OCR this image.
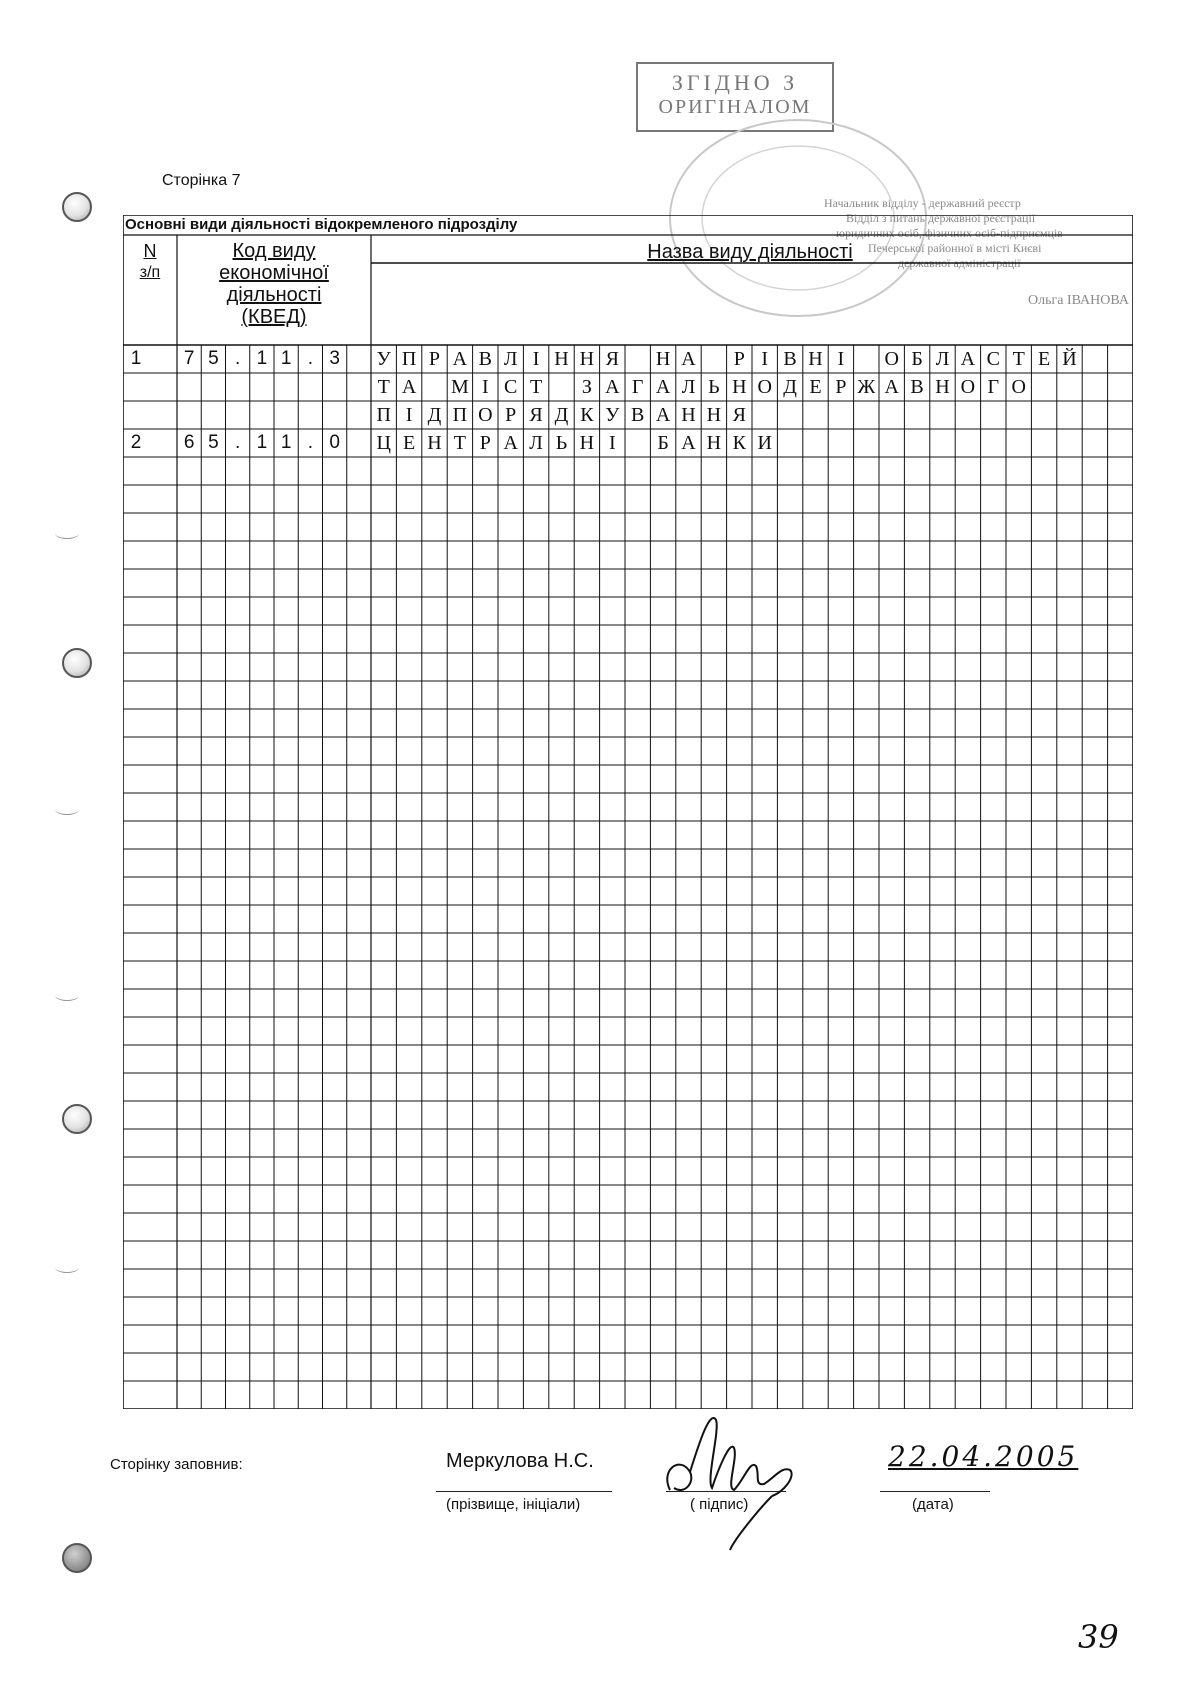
ЗГІДНО З
ОРИГІНАЛОМ
Начальник відділу - державний реєстр
Відділ з питань державної реєстрації
юридичних осіб, фізичних осіб-підприємців
Печерської районної в місті Києві
державної адміністрації
Ольга ІВАНОВА
Сторінка 7
Основні види діяльності відокремленого підрозділу
N
з/п
Код виду
економічної
діяльності
(КВЕД)
Назва виду діяльності
1	7 5 . 1 1 . 3	У П Р А В Л І Н Н Я	Н А	Р І В Н І	О Б Л А С Т Е Й
Т А М І С Т	З А Г А Л Ь Н О Д Е Р Ж А В Н О Г О
П І Д П О Р Я Д К У В А Н Н Я
2	6 5 . 1 1 . 0	Ц Е Н Т Р А Л Ь Н І	Б А Н К И
Сторінку заповнив:	Меркулова Н.С.
(прізвище, ініціали)	( підпис)	(дата)
22.04.2005
39
